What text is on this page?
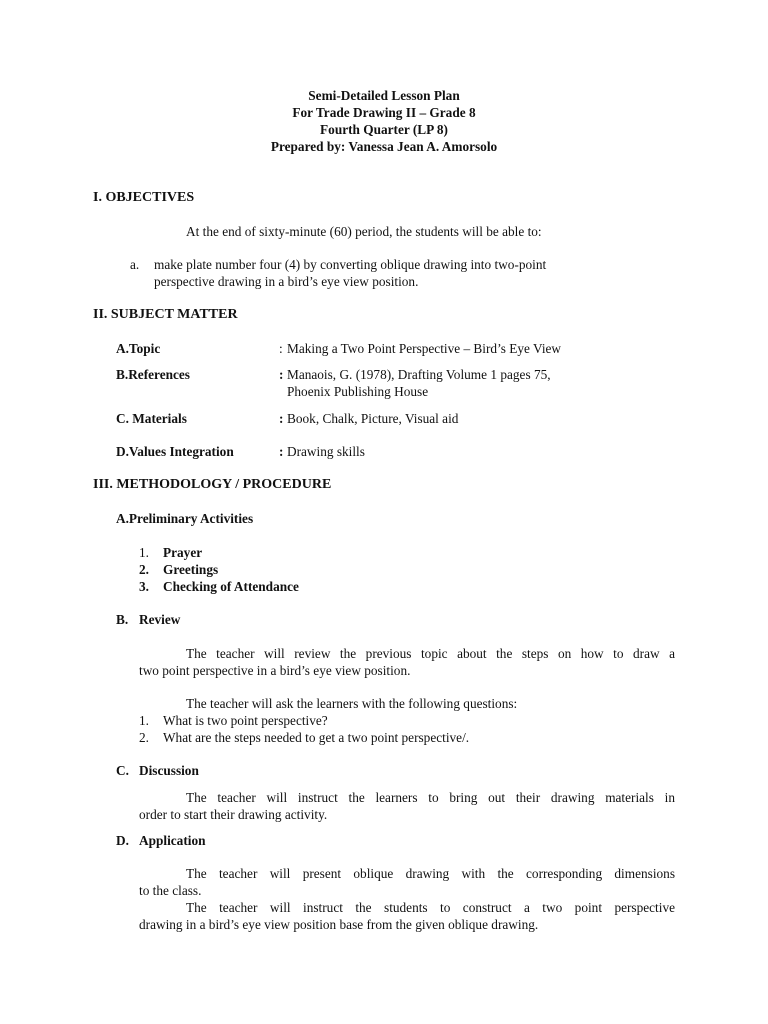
Semi-Detailed Lesson Plan
For Trade Drawing II – Grade 8
Fourth Quarter (LP 8)
Prepared by: Vanessa Jean A. Amorsolo
I. OBJECTIVES
At the end of sixty-minute (60) period, the students will be able to:
a. make plate number four (4) by converting oblique drawing into two-point
perspective drawing in a bird’s eye view position.
II. SUBJECT MATTER
A.Topic	: Making a Two Point Perspective – Bird’s Eye View
B.References	: Manaois, G. (1978), Drafting Volume 1 pages 75,
Phoenix Publishing House
C. Materials	: Book, Chalk, Picture, Visual aid
D.Values Integration	: Drawing skills
III. METHODOLOGY / PROCEDURE
A.Preliminary Activities
1. Prayer
2. Greetings
3. Checking of Attendance
B. Review
The teacher will review the previous topic about the steps on how to draw a
two point perspective in a bird’s eye view position.
The teacher will ask the learners with the following questions:
1. What is two point perspective?
2. What are the steps needed to get a two point perspective/.
C. Discussion
The teacher will instruct the learners to bring out their drawing materials in
order to start their drawing activity.
D. Application
The teacher will present oblique drawing with the corresponding dimensions
to the class.
The teacher will instruct the students to construct a two point perspective
drawing in a bird’s eye view position base from the given oblique drawing.
